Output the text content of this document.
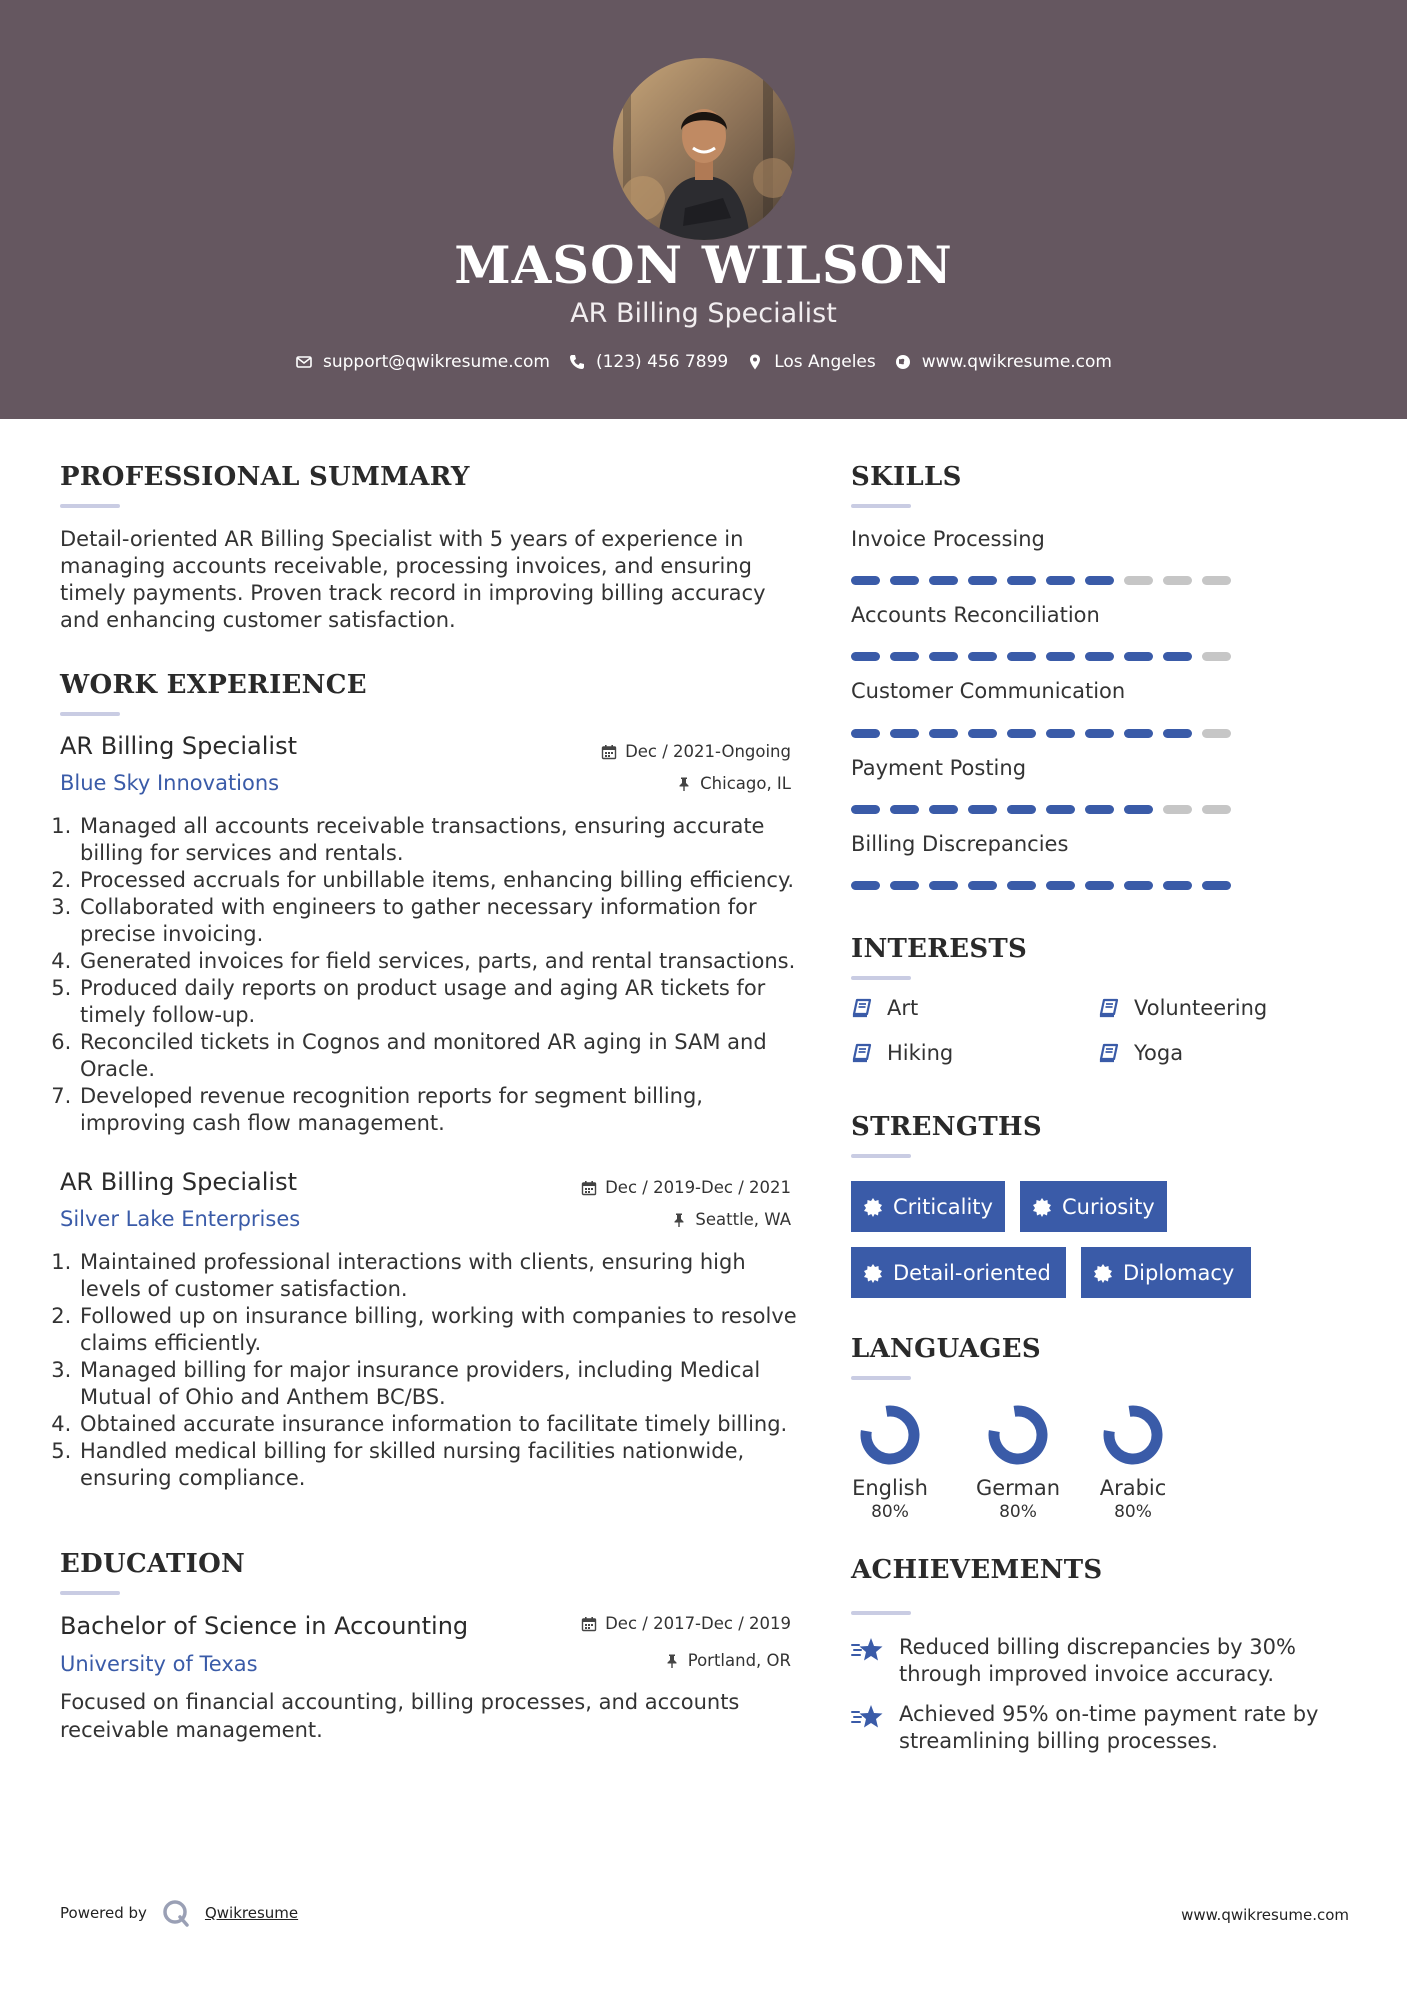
MASON WILSON
AR Billing Specialist
support@qwikresume.com	(123) 456 7899	Los Angeles	www.qwikresume.com
PROFESSIONAL SUMMARY
Detail-oriented AR Billing Specialist with 5 years of experience in managing accounts receivable, processing invoices, and ensuring timely payments. Proven track record in improving billing accuracy and enhancing customer satisfaction.
WORK EXPERIENCE
AR Billing Specialist	Dec / 2021-Ongoing
Blue Sky Innovations	Chicago, IL
1. Managed all accounts receivable transactions, ensuring accurate billing for services and rentals.
2. Processed accruals for unbillable items, enhancing billing efficiency.
3. Collaborated with engineers to gather necessary information for precise invoicing.
4. Generated invoices for field services, parts, and rental transactions.
5. Produced daily reports on product usage and aging AR tickets for timely follow-up.
6. Reconciled tickets in Cognos and monitored AR aging in SAM and Oracle.
7. Developed revenue recognition reports for segment billing, improving cash flow management.
AR Billing Specialist	Dec / 2019-Dec / 2021
Silver Lake Enterprises	Seattle, WA
1. Maintained professional interactions with clients, ensuring high levels of customer satisfaction.
2. Followed up on insurance billing, working with companies to resolve claims efficiently.
3. Managed billing for major insurance providers, including Medical Mutual of Ohio and Anthem BC/BS.
4. Obtained accurate insurance information to facilitate timely billing.
5. Handled medical billing for skilled nursing facilities nationwide, ensuring compliance.
EDUCATION
Bachelor of Science in Accounting	Dec / 2017-Dec / 2019
University of Texas	Portland, OR
Focused on financial accounting, billing processes, and accounts receivable management.
SKILLS
Invoice Processing
Accounts Reconciliation
Customer Communication
Payment Posting
Billing Discrepancies
INTERESTS
Art	Volunteering
Hiking	Yoga
STRENGTHS
Criticality	Curiosity
Detail-oriented	Diplomacy
LANGUAGES
English
80%
German
80%
Arabic
80%
ACHIEVEMENTS
Reduced billing discrepancies by 30% through improved invoice accuracy.
Achieved 95% on-time payment rate by streamlining billing processes.
Powered by	Qwikresume	www.qwikresume.com
